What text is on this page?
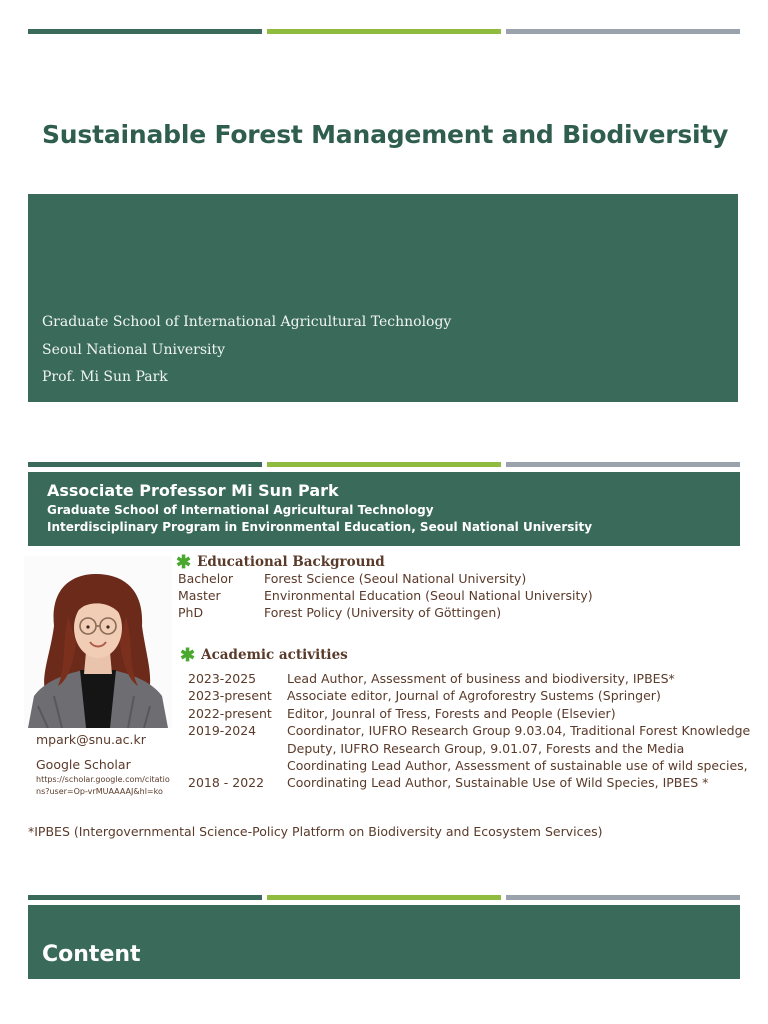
Sustainable Forest Management and Biodiversity
Graduate School of International Agricultural Technology
Seoul National University
Prof. Mi Sun Park
Associate Professor Mi Sun Park
Graduate School of International Agricultural Technology
Interdisciplinary Program in Environmental Education, Seoul National University
mpark@snu.ac.kr
Google Scholar
https://scholar.google.com/citatio
ns?user=Op-vrMUAAAAJ&hl=ko
✱ Educational Background
Bachelor Forest Science (Seoul National University)
Master	Environmental Education (Seoul National University)
PhD	Forest Policy (University of Göttingen)
✱ Academic activities
2023-2025 Lead Author, Assessment of business and biodiversity, IPBES*
2023-present Associate editor, Journal of Agroforestry Sustems (Springer)
2022-present Editor, Jounral of Tress, Forests and People (Elsevier)
2019-2024 Coordinator, IUFRO Research Group 9.03.04, Traditional Forest Knowledge
Deputy, IUFRO Research Group, 9.01.07, Forests and the Media
Coordinating Lead Author, Assessment of sustainable use of wild species,
2018 - 2022 Coordinating Lead Author, Sustainable Use of Wild Species, IPBES *
*IPBES (Intergovernmental Science-Policy Platform on Biodiversity and Ecosystem Services)
Content
